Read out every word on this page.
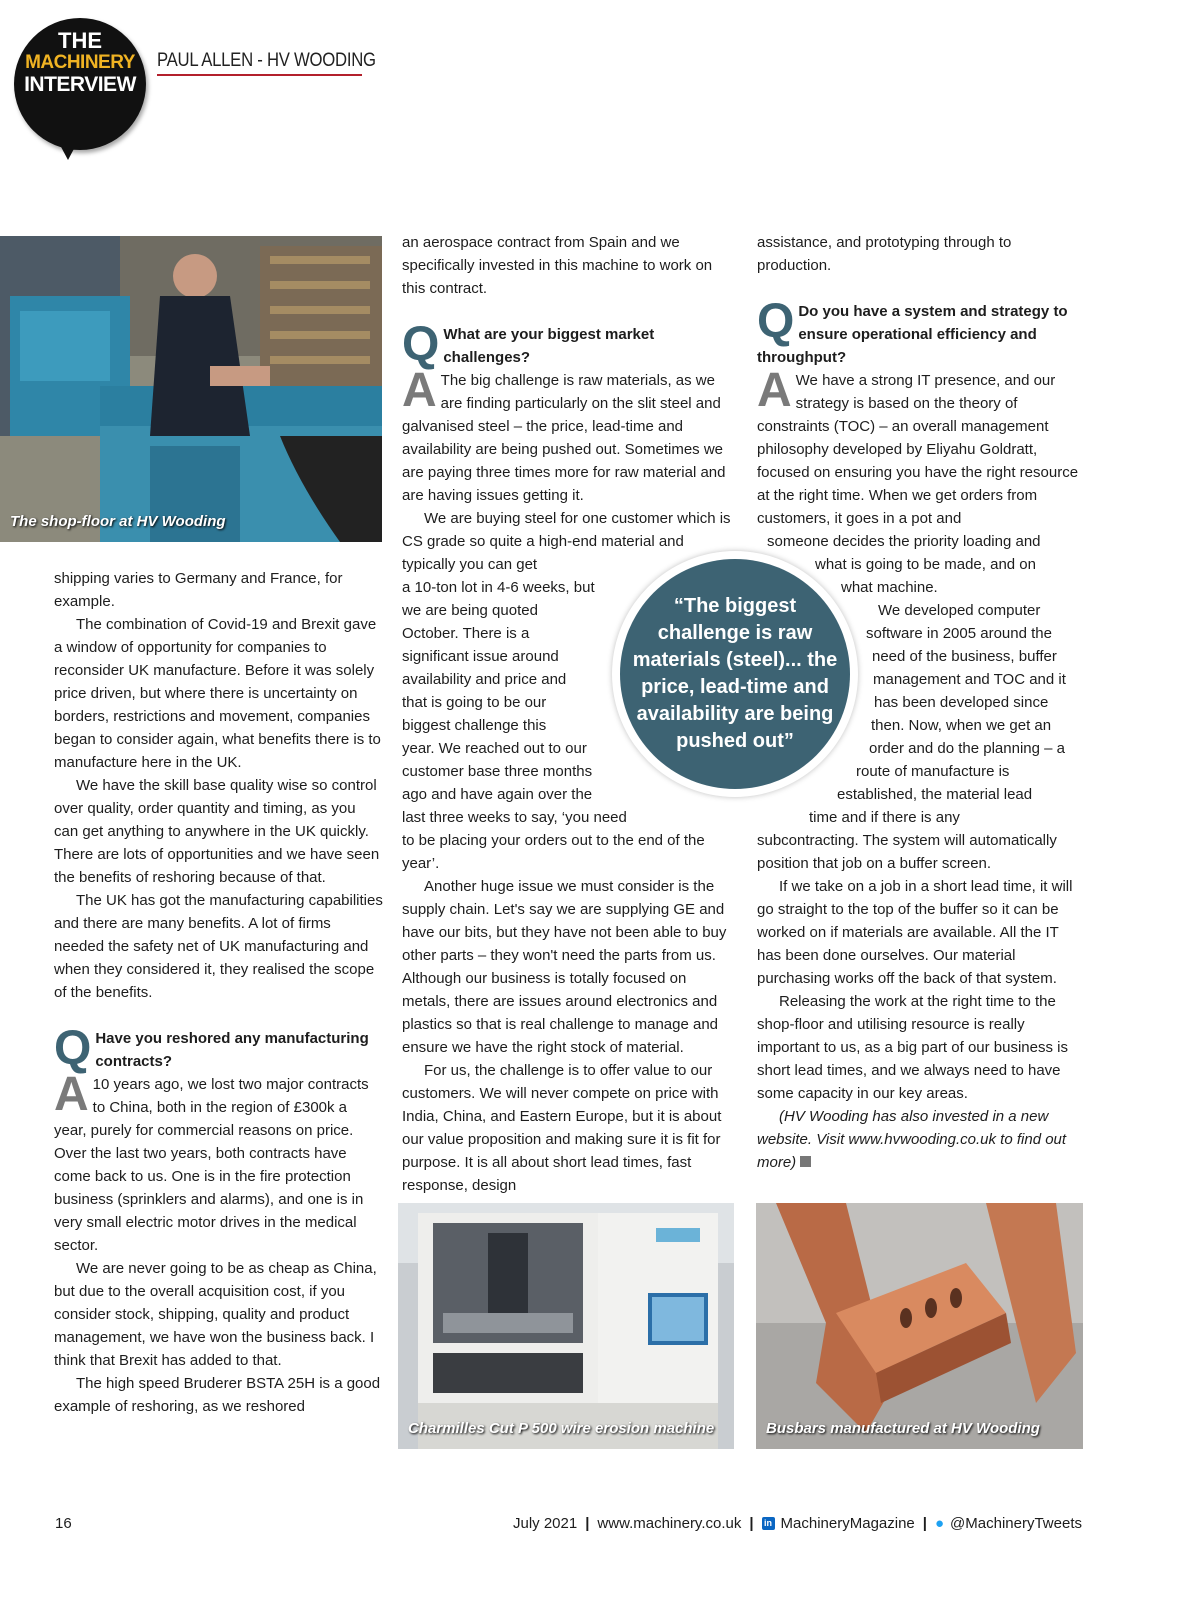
THE
MACHINERY
INTERVIEW
PAUL ALLEN - HV WOODING
The shop-floor at HV Wooding

shipping varies to Germany and France, for example.

The combination of Covid-19 and Brexit gave a window of opportunity for companies to reconsider UK manufacture. Before it was solely price driven, but where there is uncertainty on borders, restrictions and movement, companies began to consider again, what benefits there is to manufacture here in the UK.

We have the skill base quality wise so control over quality, order quantity and timing, as you can get anything to anywhere in the UK quickly. There are lots of opportunities and we have seen the benefits of reshoring because of that.

The UK has got the manufacturing capabilities and there are many benefits. A lot of firms needed the safety net of UK manufacturing and when they considered it, they realised the scope of the benefits.

Q Have you reshored any manufacturing contracts?
A 10 years ago, we lost two major contracts to China, both in the region of £300k a year, purely for commercial reasons on price. Over the last two years, both contracts have come back to us. One is in the fire protection business (sprinklers and alarms), and one is in very small electric motor drives in the medical sector.

We are never going to be as cheap as China, but due to the overall acquisition cost, if you consider stock, shipping, quality and product management, we have won the business back. I think that Brexit has added to that.

The high speed Bruderer BSTA 25H is a good example of reshoring, as we reshored

an aerospace contract from Spain and we specifically invested in this machine to work on this contract.

Q What are your biggest market challenges?
A The big challenge is raw materials, as we are finding particularly on the slit steel and galvanised steel – the price, lead-time and availability are being pushed out. Sometimes we are paying three times more for raw material and are having issues getting it.

We are buying steel for one customer which is CS grade so quite a high-end material and typically you can get

a 10-ton lot in 4-6 weeks, but

we are being quoted

October. There is a

significant issue around

availability and price and

that is going to be our

biggest challenge this

year. We reached out to our

customer base three months

ago and have again over the

last three weeks to say, ‘you need

to be placing your orders out to the end of the year’.

Another huge issue we must consider is the supply chain. Let's say we are supplying GE and have our bits, but they have not been able to buy other parts – they won't need the parts from us. Although our business is totally focused on metals, there are issues around electronics and plastics so that is real challenge to manage and ensure we have the right stock of material.

For us, the challenge is to offer value to our customers. We will never compete on price with India, China, and Eastern Europe, but it is about our value proposition and making sure it is fit for purpose. It is all about short lead times, fast response, design

assistance, and prototyping through to production.

Q Do you have a system and strategy to ensure operational efficiency and throughput?
A We have a strong IT presence, and our strategy is based on the theory of constraints (TOC) – an overall management philosophy developed by Eliyahu Goldratt, focused on ensuring you have the right resource at the right time. When we get orders from customers, it goes in a pot and

someone decides the priority loading and

what is going to be made, and on

what machine.

We developed computer

software in 2005 around the

need of the business, buffer

management and TOC and it

has been developed since

then. Now, when we get an

order and do the planning – a

route of manufacture is

established, the material lead

time and if there is any

subcontracting. The system will automatically position that job on a buffer screen.

If we take on a job in a short lead time, it will go straight to the top of the buffer so it can be worked on if materials are available. All the IT has been done ourselves. Our material purchasing works off the back of that system.

Releasing the work at the right time to the shop-floor and utilising resource is really important to us, as a big part of our business is short lead times, and we always need to have some capacity in our key areas.

(HV Wooding has also invested in a new website. Visit www.hvwooding.co.uk to find out more)

“The biggest challenge is raw materials (steel)... the price, lead-time and availability are being pushed out”
Charmilles Cut P 500 wire erosion machine	Busbars manufactured at HV Wooding
16	July 2021 | www.machinery.co.uk | in MachineryMagazine | ● @MachineryTweets
